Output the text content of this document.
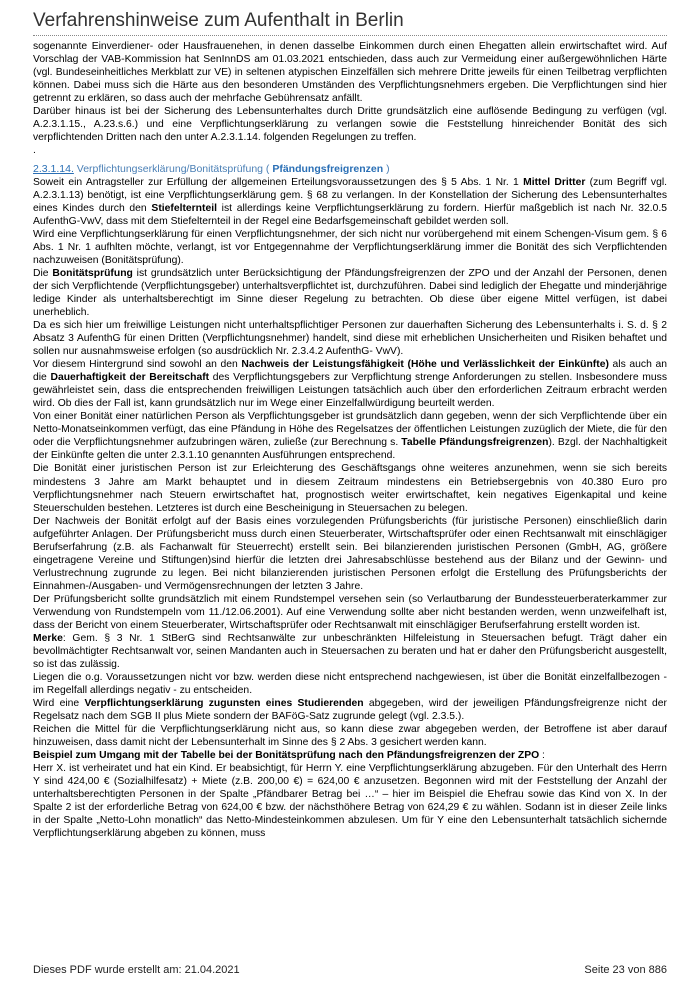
Verfahrenshinweise zum Aufenthalt in Berlin

sogenannte Einverdiener- oder Hausfrauenehen, in denen dasselbe Einkommen durch einen Ehegatten allein erwirtschaftet wird. Auf Vorschlag der VAB-Kommission hat SenInnDS am 01.03.2021 entschieden, dass auch zur Vermeidung einer außergewöhnlichen Härte (vgl. Bundeseinheitliches Merkblatt zur VE) in seltenen atypischen Einzelfällen sich mehrere Dritte jeweils für einen Teilbetrag verpflichten können. Dabei muss sich die Härte aus den besonderen Umständen des Verpflichtungsnehmers ergeben. Die Verpflichtungen sind hier getrennt zu erklären, so dass auch der mehrfache Gebührensatz anfällt.

Darüber hinaus ist bei der Sicherung des Lebensunterhaltes durch Dritte grundsätzlich eine auflösende Bedingung zu verfügen (vgl. A.2.3.1.15., A.23.s.6.) und eine Verpflichtungserklärung zu verlangen sowie die Feststellung hinreichender Bonität des sich verpflichtenden Dritten nach den unter A.2.3.1.14. folgenden Regelungen zu treffen.

.

2.3.1.14. Verpflichtungserklärung/Bonitätsprüfung ( Pfändungsfreigrenzen )

Soweit ein Antragsteller zur Erfüllung der allgemeinen Erteilungsvoraussetzungen des § 5 Abs. 1 Nr. 1 Mittel Dritter (zum Begriff vgl. A.2.3.1.13) benötigt, ist eine Verpflichtungserklärung gem. § 68 zu verlangen. In der Konstellation der Sicherung des Lebensunterhaltes eines Kindes durch den Stiefelternteil ist allerdings keine Verpflichtungserklärung zu fordern. Hierfür maßgeblich ist nach Nr. 32.0.5 AufenthG-VwV, dass mit dem Stiefelternteil in der Regel eine Bedarfsgemeinschaft gebildet werden soll.

Wird eine Verpflichtungserklärung für einen Verpflichtungsnehmer, der sich nicht nur vorübergehend mit einem Schengen-Visum gem. § 6 Abs. 1 Nr. 1 aufhlten möchte, verlangt, ist vor Entgegennahme der Verpflichtungserklärung immer die Bonität des sich Verpflichtenden nachzuweisen (Bonitätsprüfung).

Die Bonitätsprüfung ist grundsätzlich unter Berücksichtigung der Pfändungsfreigrenzen der ZPO und der Anzahl der Personen, denen der sich Verpflichtende (Verpflichtungsgeber) unterhaltsverpflichtet ist, durchzuführen. Dabei sind lediglich der Ehegatte und minderjährige ledige Kinder als unterhaltsberechtigt im Sinne dieser Regelung zu betrachten. Ob diese über eigene Mittel verfügen, ist dabei unerheblich.

Da es sich hier um freiwillige Leistungen nicht unterhaltspflichtiger Personen zur dauerhaften Sicherung des Lebensunterhalts i. S. d. § 2 Absatz 3 AufenthG für einen Dritten (Verpflichtungsnehmer) handelt, sind diese mit erheblichen Unsicherheiten und Risiken behaftet und sollen nur ausnahmsweise erfolgen (so ausdrücklich Nr. 2.3.4.2 AufenthG- VwV).

Vor diesem Hintergrund sind sowohl an den Nachweis der Leistungsfähigkeit (Höhe und Verlässlichkeit der Einkünfte) als auch an die Dauerhaftigkeit der Bereitschaft des Verpflichtungsgebers zur Verpflichtung strenge Anforderungen zu stellen. Insbesondere muss gewährleistet sein, dass die entsprechenden freiwilligen Leistungen tatsächlich auch über den erforderlichen Zeitraum erbracht werden wird. Ob dies der Fall ist, kann grundsätzlich nur im Wege einer Einzelfallwürdigung beurteilt werden.

Von einer Bonität einer natürlichen Person als Verpflichtungsgeber ist grundsätzlich dann gegeben, wenn der sich Verpflichtende über ein Netto-Monatseinkommen verfügt, das eine Pfändung in Höhe des Regelsatzes der öffentlichen Leistungen zuzüglich der Miete, die für den oder die Verpflichtungsnehmer aufzubringen wären, zuließe (zur Berechnung s. Tabelle Pfändungsfreigrenzen). Bzgl. der Nachhaltigkeit der Einkünfte gelten die unter 2.3.1.10 genannten Ausführungen entsprechend.

Die Bonität einer juristischen Person ist zur Erleichterung des Geschäftsgangs ohne weiteres anzunehmen, wenn sie sich bereits mindestens 3 Jahre am Markt behauptet und in diesem Zeitraum mindestens ein Betriebsergebnis von 40.380 Euro pro Verpflichtungsnehmer nach Steuern erwirtschaftet hat, prognostisch weiter erwirtschaftet, kein negatives Eigenkapital und keine Steuerschulden bestehen. Letzteres ist durch eine Bescheinigung in Steuersachen zu belegen.

Der Nachweis der Bonität erfolgt auf der Basis eines vorzulegenden Prüfungsberichts (für juristische Personen) einschließlich darin aufgeführter Anlagen. Der Prüfungsbericht muss durch einen Steuerberater, Wirtschaftsprüfer oder einen Rechtsanwalt mit einschlägiger Berufserfahrung (z.B. als Fachanwalt für Steuerrecht) erstellt sein. Bei bilanzierenden juristischen Personen (GmbH, AG, größere eingetragene Vereine und Stiftungen)sind hierfür die letzten drei Jahresabschlüsse bestehend aus der Bilanz und der Gewinn- und Verlustrechnung zugrunde zu legen. Bei nicht bilanzierenden juristischen Personen erfolgt die Erstellung des Prüfungsberichts der Einnahmen-/Ausgaben- und Vermögensrechnungen der letzten 3 Jahre.

Der Prüfungsbericht sollte grundsätzlich mit einem Rundstempel versehen sein (so Verlautbarung der Bundessteuerberaterkammer zur Verwendung von Rundstempeln vom 11./12.06.2001). Auf eine Verwendung sollte aber nicht bestanden werden, wenn unzweifelhaft ist, dass der Bericht von einem Steuerberater, Wirtschaftsprüfer oder Rechtsanwalt mit einschlägiger Berufserfahrung erstellt worden ist.

Merke: Gem. § 3 Nr. 1 StBerG sind Rechtsanwälte zur unbeschränkten Hilfeleistung in Steuersachen befugt. Trägt daher ein bevollmächtigter Rechtsanwalt vor, seinen Mandanten auch in Steuersachen zu beraten und hat er daher den Prüfungsbericht ausgestellt, so ist das zulässig.

Liegen die o.g. Voraussetzungen nicht vor bzw. werden diese nicht entsprechend nachgewiesen, ist über die Bonität einzelfallbezogen - im Regelfall allerdings negativ - zu entscheiden.

Wird eine Verpflichtungserklärung zugunsten eines Studierenden abgegeben, wird der jeweiligen Pfändungsfreigrenze nicht der Regelsatz nach dem SGB II plus Miete sondern der BAFöG-Satz zugrunde gelegt (vgl. 2.3.5.).

Reichen die Mittel für die Verpflichtungserklärung nicht aus, so kann diese zwar abgegeben werden, der Betroffene ist aber darauf hinzuweisen, dass damit nicht der Lebensunterhalt im Sinne des § 2 Abs. 3 gesichert werden kann.

Beispiel zum Umgang mit der Tabelle bei der Bonitätsprüfung nach den Pfändungsfreigrenzen der ZPO :

Herr X. ist verheiratet und hat ein Kind. Er beabsichtigt, für Herrn Y. eine Verpflichtungserklärung abzugeben. Für den Unterhalt des Herrn Y sind 424,00 € (Sozialhilfesatz) + Miete (z.B. 200,00 €) = 624,00 € anzusetzen. Begonnen wird mit der Feststellung der Anzahl der unterhaltsberechtigten Personen in der Spalte „Pfändbarer Betrag bei …“ – hier im Beispiel die Ehefrau sowie das Kind von X. In der Spalte 2 ist der erforderliche Betrag von 624,00 € bzw. der nächsthöhere Betrag von 624,29 € zu wählen. Sodann ist in dieser Zeile links in der Spalte „Netto-Lohn monatlich“ das Netto-Mindesteinkommen abzulesen. Um für Y eine den Lebensunterhalt tatsächlich sichernde Verpflichtungserklärung abgeben zu können, muss

Dieses PDF wurde erstellt am: 21.04.2021	Seite 23 von 886
